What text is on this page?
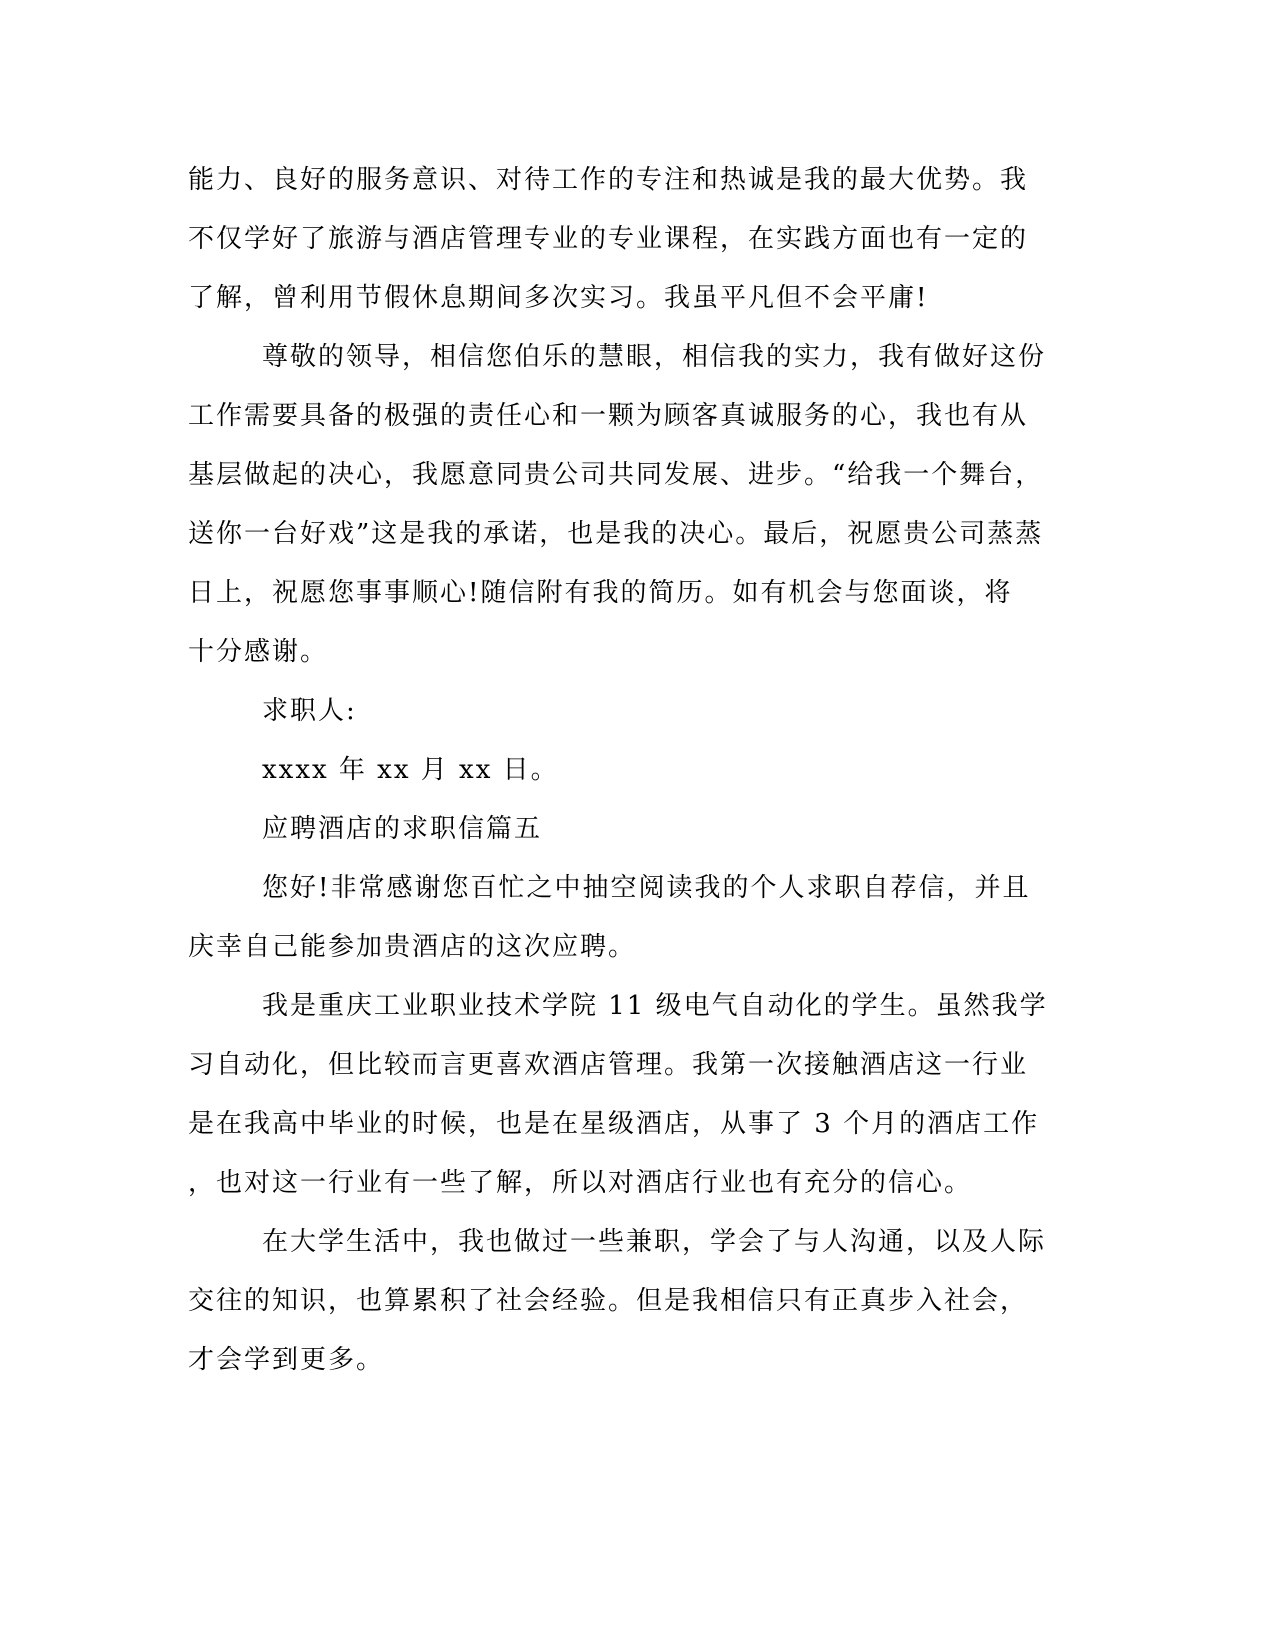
能力、良好的服务意识、对待工作的专注和热诚是我的最大优势。我
不仅学好了旅游与酒店管理专业的专业课程，在实践方面也有一定的
了解，曾利用节假休息期间多次实习。我虽平凡但不会平庸!
尊敬的领导，相信您伯乐的慧眼，相信我的实力，我有做好这份
工作需要具备的极强的责任心和一颗为顾客真诚服务的心，我也有从
基层做起的决心，我愿意同贵公司共同发展、进步。“给我一个舞台，
送你一台好戏”这是我的承诺，也是我的决心。最后，祝愿贵公司蒸蒸
日上，祝愿您事事顺心!随信附有我的简历。如有机会与您面谈，将
十分感谢。
求职人:
xxxx 年 xx 月 xx 日。
应聘酒店的求职信篇五
您好!非常感谢您百忙之中抽空阅读我的个人求职自荐信，并且
庆幸自己能参加贵酒店的这次应聘。
我是重庆工业职业技术学院 11 级电气自动化的学生。虽然我学
习自动化，但比较而言更喜欢酒店管理。我第一次接触酒店这一行业
是在我高中毕业的时候，也是在星级酒店，从事了 3 个月的酒店工作
，也对这一行业有一些了解，所以对酒店行业也有充分的信心。
在大学生活中，我也做过一些兼职，学会了与人沟通，以及人际
交往的知识，也算累积了社会经验。但是我相信只有正真步入社会，
才会学到更多。
